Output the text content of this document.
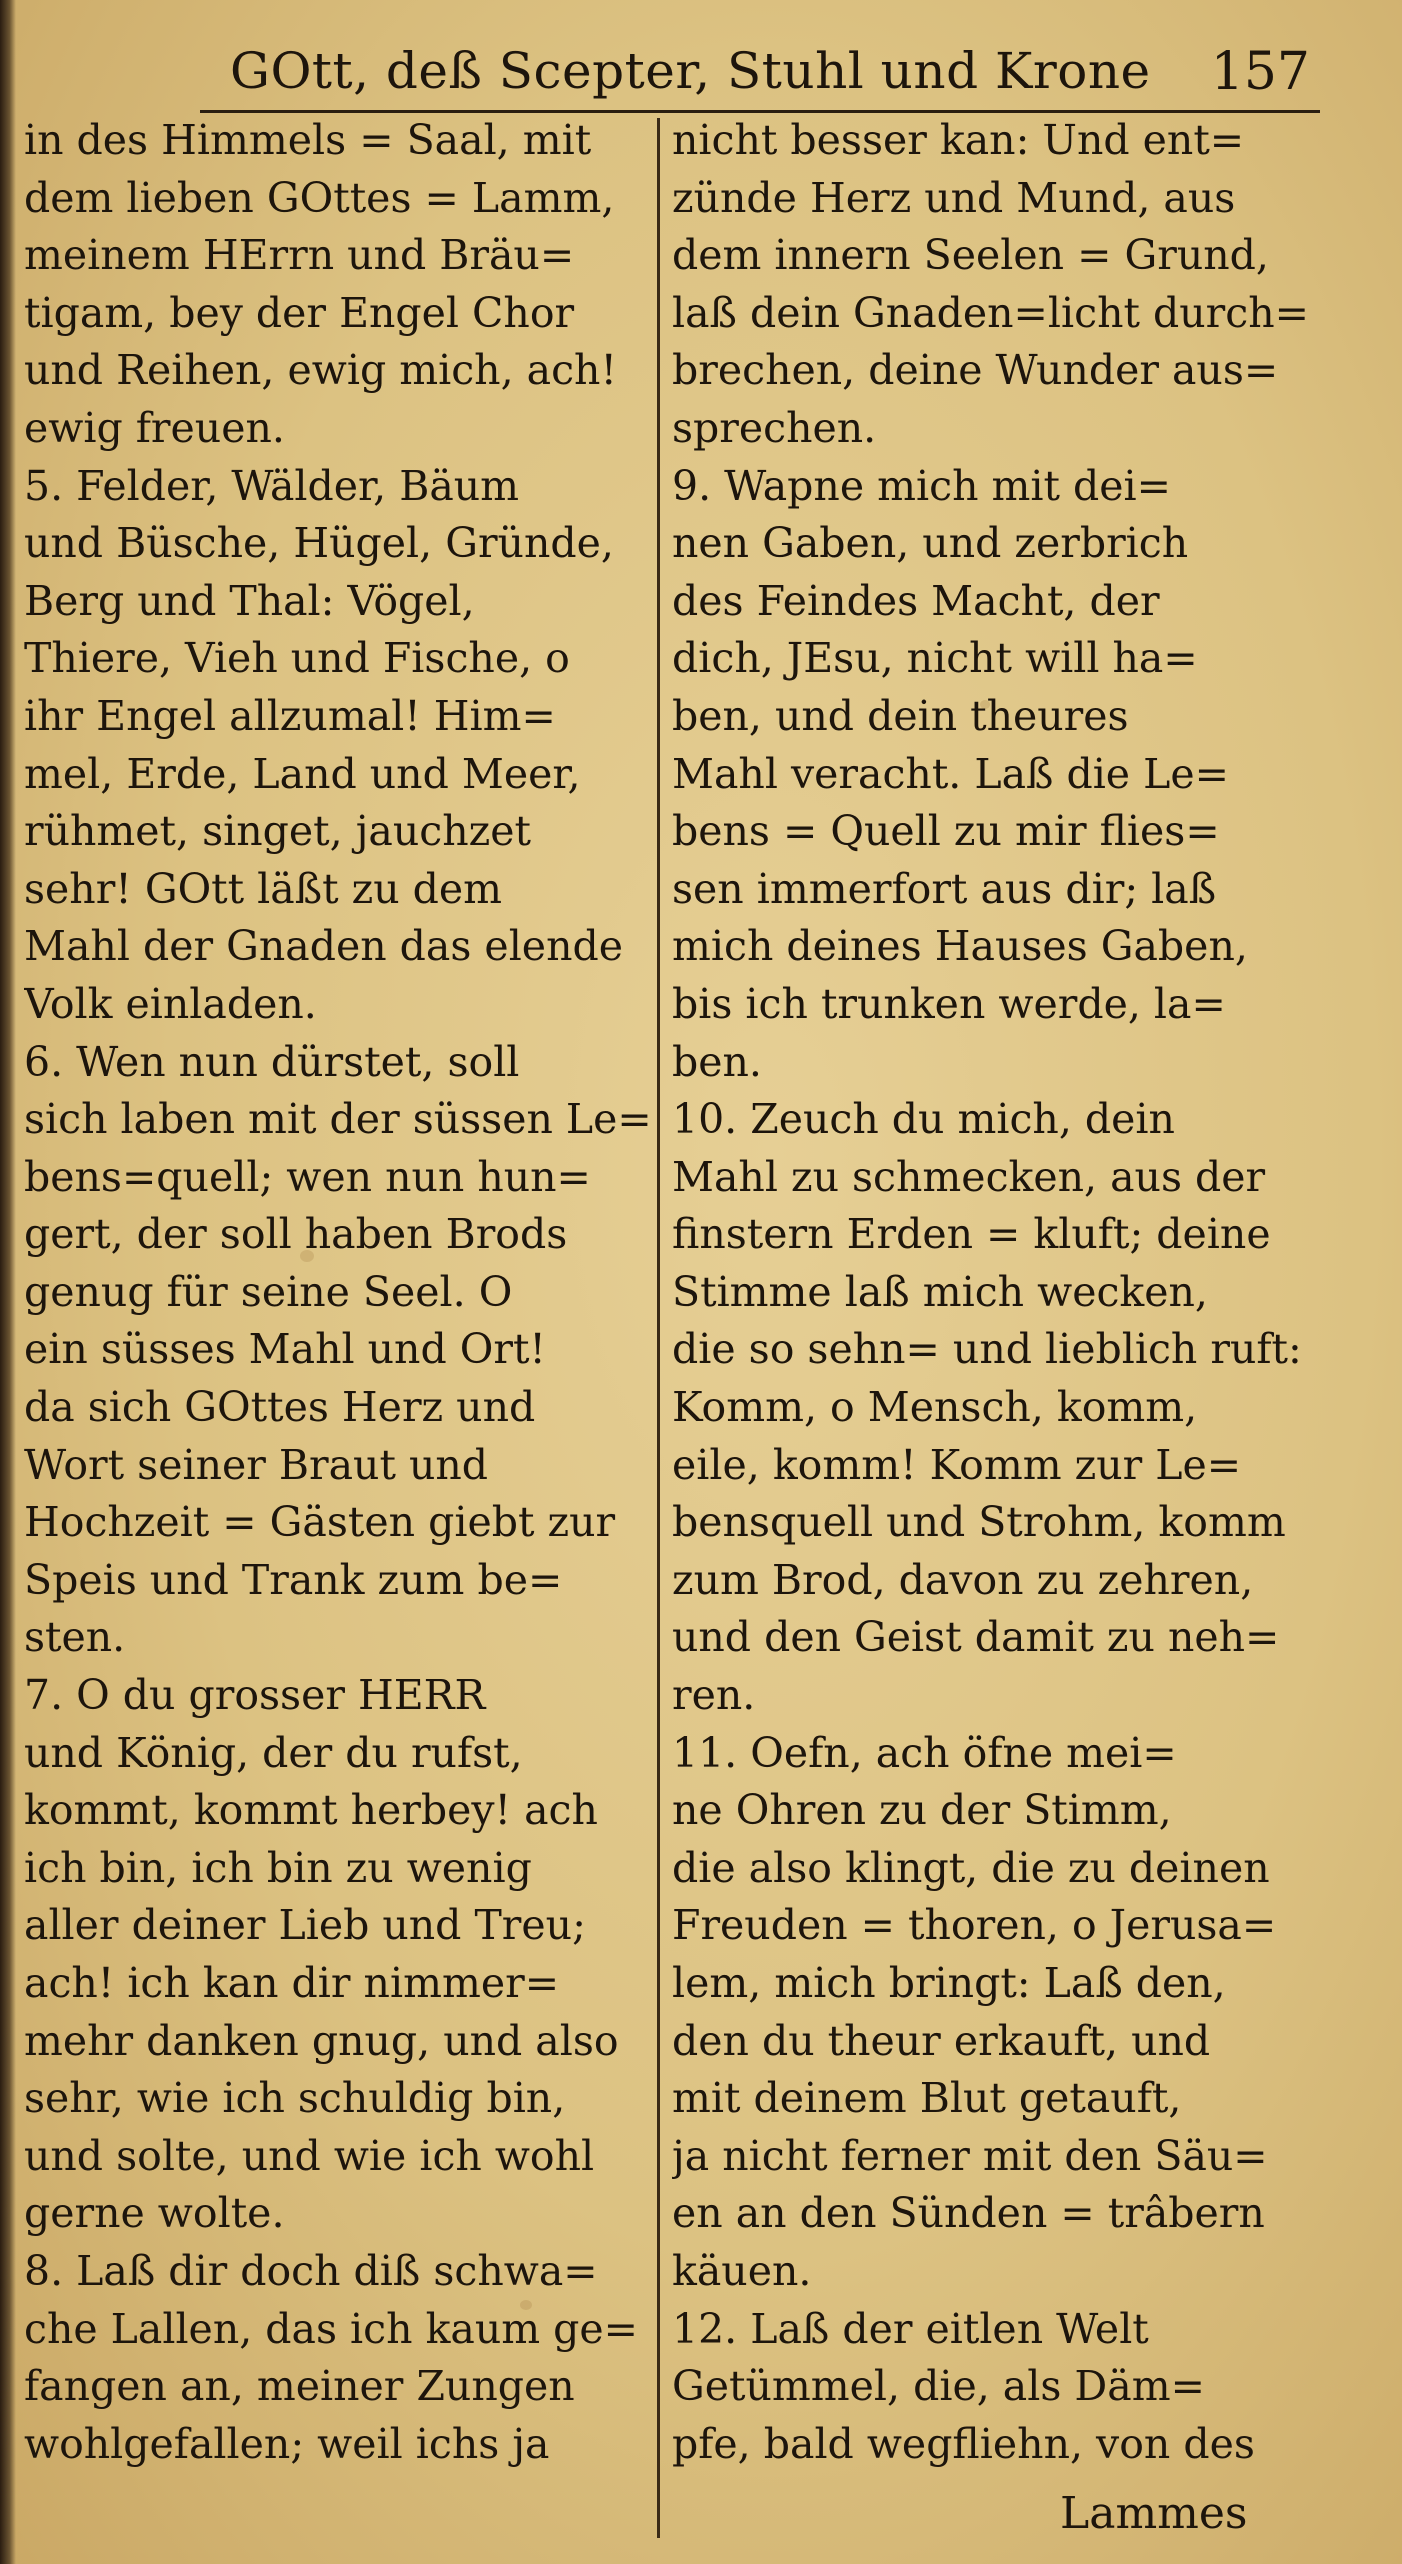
GOtt, deß Scepter, Stuhl und Krone 157
in des Himmels = Saal, mit
dem lieben GOttes = Lamm,
meinem HErrn und Bräu=
tigam, bey der Engel Chor
und Reihen, ewig mich, ach!
ewig freuen.
5. Felder, Wälder, Bäum
und Büsche, Hügel, Gründe,
Berg und Thal: Vögel,
Thiere, Vieh und Fische, o
ihr Engel allzumal! Him=
mel, Erde, Land und Meer,
rühmet, singet, jauchzet
sehr! GOtt läßt zu dem
Mahl der Gnaden das elende
Volk einladen.
6. Wen nun dürstet, soll
sich laben mit der süssen Le=
bens=quell; wen nun hun=
gert, der soll haben Brods
genug für seine Seel. O
ein süsses Mahl und Ort!
da sich GOttes Herz und
Wort seiner Braut und
Hochzeit = Gästen giebt zur
Speis und Trank zum be=
sten.
7. O du grosser HERR
und König, der du rufst,
kommt, kommt herbey! ach
ich bin, ich bin zu wenig
aller deiner Lieb und Treu;
ach! ich kan dir nimmer=
mehr danken gnug, und also
sehr, wie ich schuldig bin,
und solte, und wie ich wohl
gerne wolte.
8. Laß dir doch diß schwa=
che Lallen, das ich kaum ge=
fangen an, meiner Zungen
wohlgefallen; weil ichs ja
nicht besser kan: Und ent=
zünde Herz und Mund, aus
dem innern Seelen = Grund,
laß dein Gnaden=licht durch=
brechen, deine Wunder aus=
sprechen.
9. Wapne mich mit dei=
nen Gaben, und zerbrich
des Feindes Macht, der
dich, JEsu, nicht will ha=
ben, und dein theures
Mahl veracht. Laß die Le=
bens = Quell zu mir flies=
sen immerfort aus dir; laß
mich deines Hauses Gaben,
bis ich trunken werde, la=
ben.
10. Zeuch du mich, dein
Mahl zu schmecken, aus der
finstern Erden = kluft; deine
Stimme laß mich wecken,
die so sehn= und lieblich ruft:
Komm, o Mensch, komm,
eile, komm! Komm zur Le=
bensquell und Strohm, komm
zum Brod, davon zu zehren,
und den Geist damit zu neh=
ren.
11. Oefn, ach öfne mei=
ne Ohren zu der Stimm,
die also klingt, die zu deinen
Freuden = thoren, o Jerusa=
lem, mich bringt: Laß den,
den du theur erkauft, und
mit deinem Blut getauft,
ja nicht ferner mit den Säu=
en an den Sünden = trâbern
käuen.
12. Laß der eitlen Welt
Getümmel, die, als Däm=
pfe, bald wegfliehn, von des
Lammes
